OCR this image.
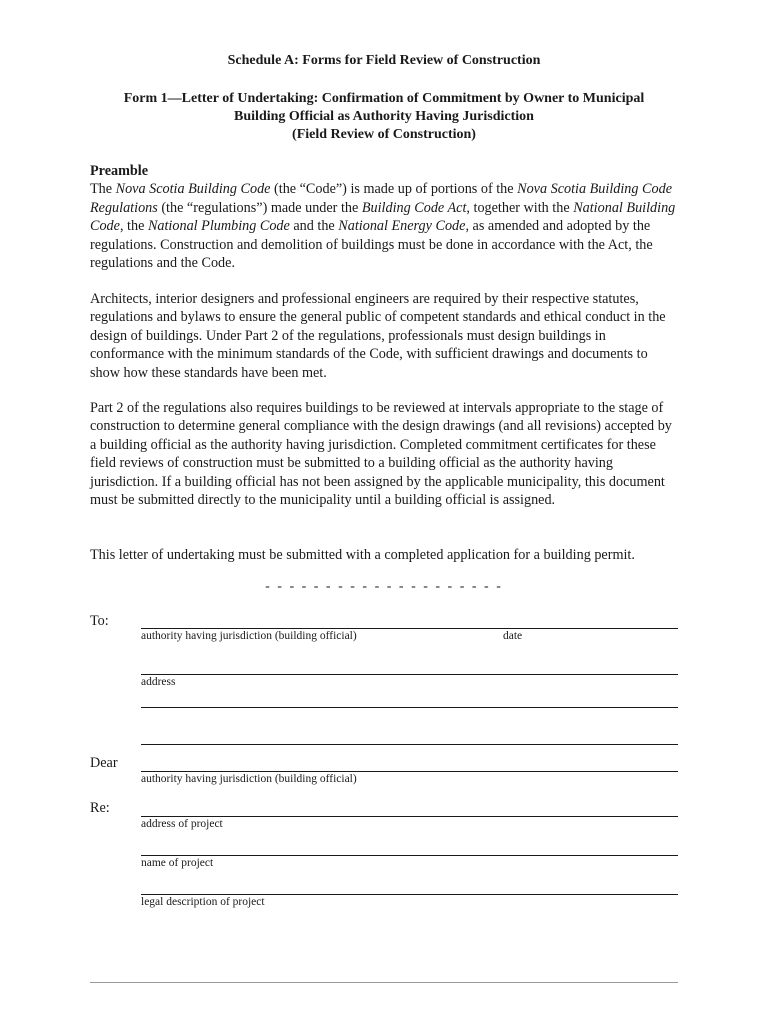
Schedule A: Forms for Field Review of Construction
Form 1—Letter of Undertaking: Confirmation of Commitment by Owner to Municipal
Building Official as Authority Having Jurisdiction
(Field Review of Construction)

Preamble
The Nova Scotia Building Code (the “Code”) is made up of portions of the Nova Scotia Building Code Regulations (the “regulations”) made under the Building Code Act, together with the National Building Code, the National Plumbing Code and the National Energy Code, as amended and adopted by the regulations. Construction and demolition of buildings must be done in accordance with the Act, the regulations and the Code.

Architects, interior designers and professional engineers are required by their respective statutes, regulations and bylaws to ensure the general public of competent standards and ethical conduct in the design of buildings. Under Part 2 of the regulations, professionals must design buildings in conformance with the minimum standards of the Code, with sufficient drawings and documents to show how these standards have been met.

Part 2 of the regulations also requires buildings to be reviewed at intervals appropriate to the stage of construction to determine general compliance with the design drawings (and all revisions) accepted by a building official as the authority having jurisdiction. Completed commitment certificates for these field reviews of construction must be submitted to a building official as the authority having jurisdiction. If a building official has not been assigned by the applicable municipality, this document must be submitted directly to the municipality until a building official is assigned.

This letter of undertaking must be submitted with a completed application for a building permit.

- - - - - - - - - - - - - - - - - - - -
To:
authority having jurisdiction (building official)	date
address
Dear
authority having jurisdiction (building official)
Re:
address of project
name of project
legal description of project
